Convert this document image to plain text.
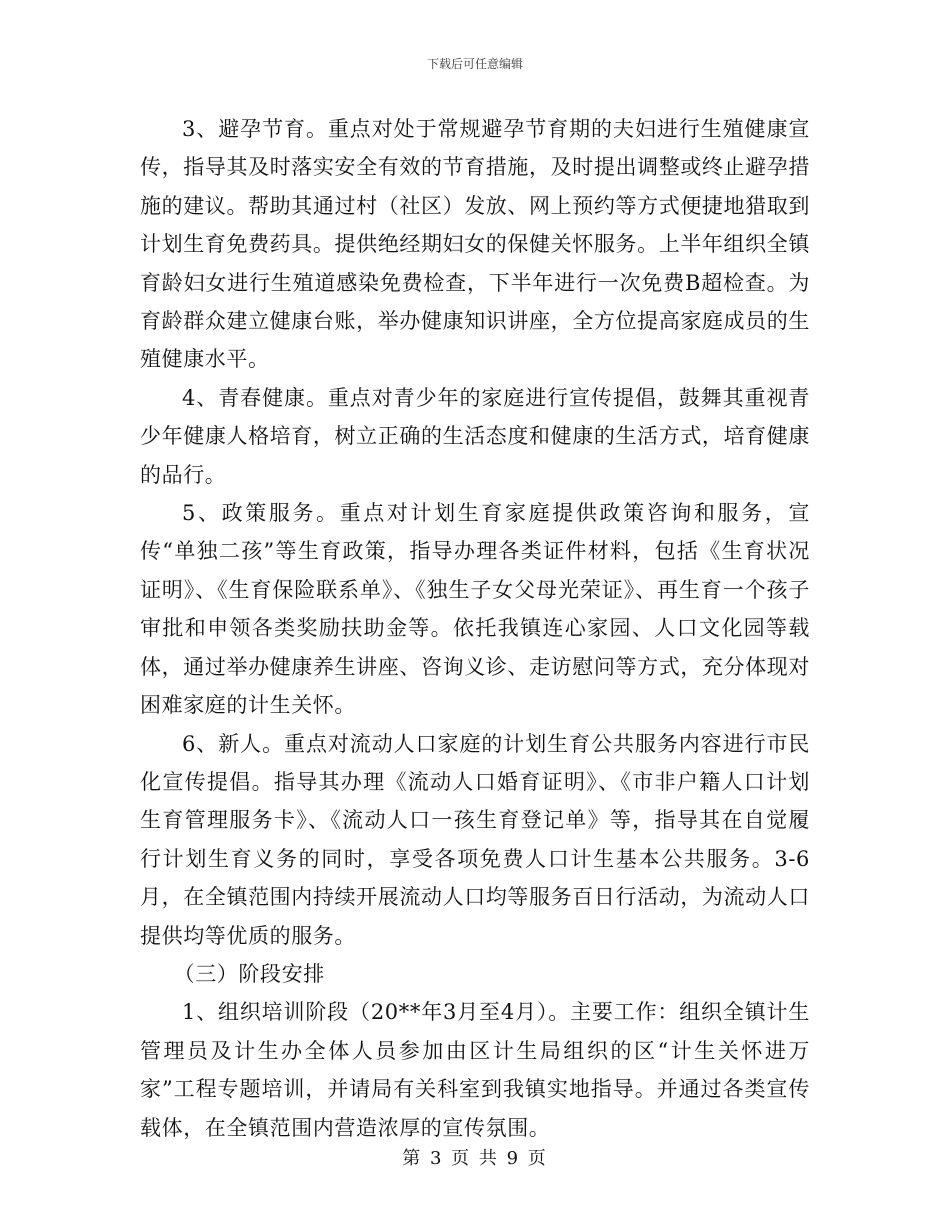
下载后可任意编辑

3、避孕节育。重点对处于常规避孕节育期的夫妇进行生殖健康宣传，指导其及时落实安全有效的节育措施，及时提出调整或终止避孕措施的建议。帮助其通过村（社区）发放、网上预约等方式便捷地猎取到计划生育免费药具。提供绝经期妇女的保健关怀服务。上半年组织全镇育龄妇女进行生殖道感染免费检查，下半年进行一次免费B超检查。为育龄群众建立健康台账，举办健康知识讲座，全方位提高家庭成员的生殖健康水平。

4、青春健康。重点对青少年的家庭进行宣传提倡，鼓舞其重视青少年健康人格培育，树立正确的生活态度和健康的生活方式，培育健康的品行。

5、政策服务。重点对计划生育家庭提供政策咨询和服务，宣传“单独二孩”等生育政策，指导办理各类证件材料，包括《生育状况证明》、《生育保险联系单》、《独生子女父母光荣证》、再生育一个孩子审批和申领各类奖励扶助金等。依托我镇连心家园、人口文化园等载体，通过举办健康养生讲座、咨询义诊、走访慰问等方式，充分体现对困难家庭的计生关怀。

6、新人。重点对流动人口家庭的计划生育公共服务内容进行市民化宣传提倡。指导其办理《流动人口婚育证明》、《市非户籍人口计划生育管理服务卡》、《流动人口一孩生育登记单》等，指导其在自觉履行计划生育义务的同时，享受各项免费人口计生基本公共服务。3-6月，在全镇范围内持续开展流动人口均等服务百日行活动，为流动人口提供均等优质的服务。

（三）阶段安排

1、组织培训阶段（20**年3月至4月）。主要工作：组织全镇计生管理员及计生办全体人员参加由区计生局组织的区“计生关怀进万家”工程专题培训，并请局有关科室到我镇实地指导。并通过各类宣传载体，在全镇范围内营造浓厚的宣传氛围。

第 3 页 共 9 页
